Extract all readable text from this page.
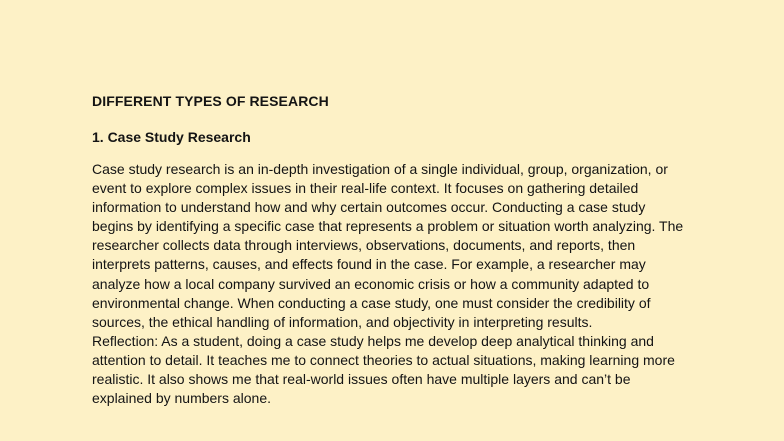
DIFFERENT TYPES OF RESEARCH
1. Case Study Research

Case study research is an in-depth investigation of a single individual, group, organization, or
event to explore complex issues in their real-life context. It focuses on gathering detailed
information to understand how and why certain outcomes occur. Conducting a case study
begins by identifying a specific case that represents a problem or situation worth analyzing. The
researcher collects data through interviews, observations, documents, and reports, then
interprets patterns, causes, and effects found in the case. For example, a researcher may
analyze how a local company survived an economic crisis or how a community adapted to
environmental change. When conducting a case study, one must consider the credibility of
sources, the ethical handling of information, and objectivity in interpreting results.

Reflection: As a student, doing a case study helps me develop deep analytical thinking and
attention to detail. It teaches me to connect theories to actual situations, making learning more
realistic. It also shows me that real-world issues often have multiple layers and can’t be
explained by numbers alone.
